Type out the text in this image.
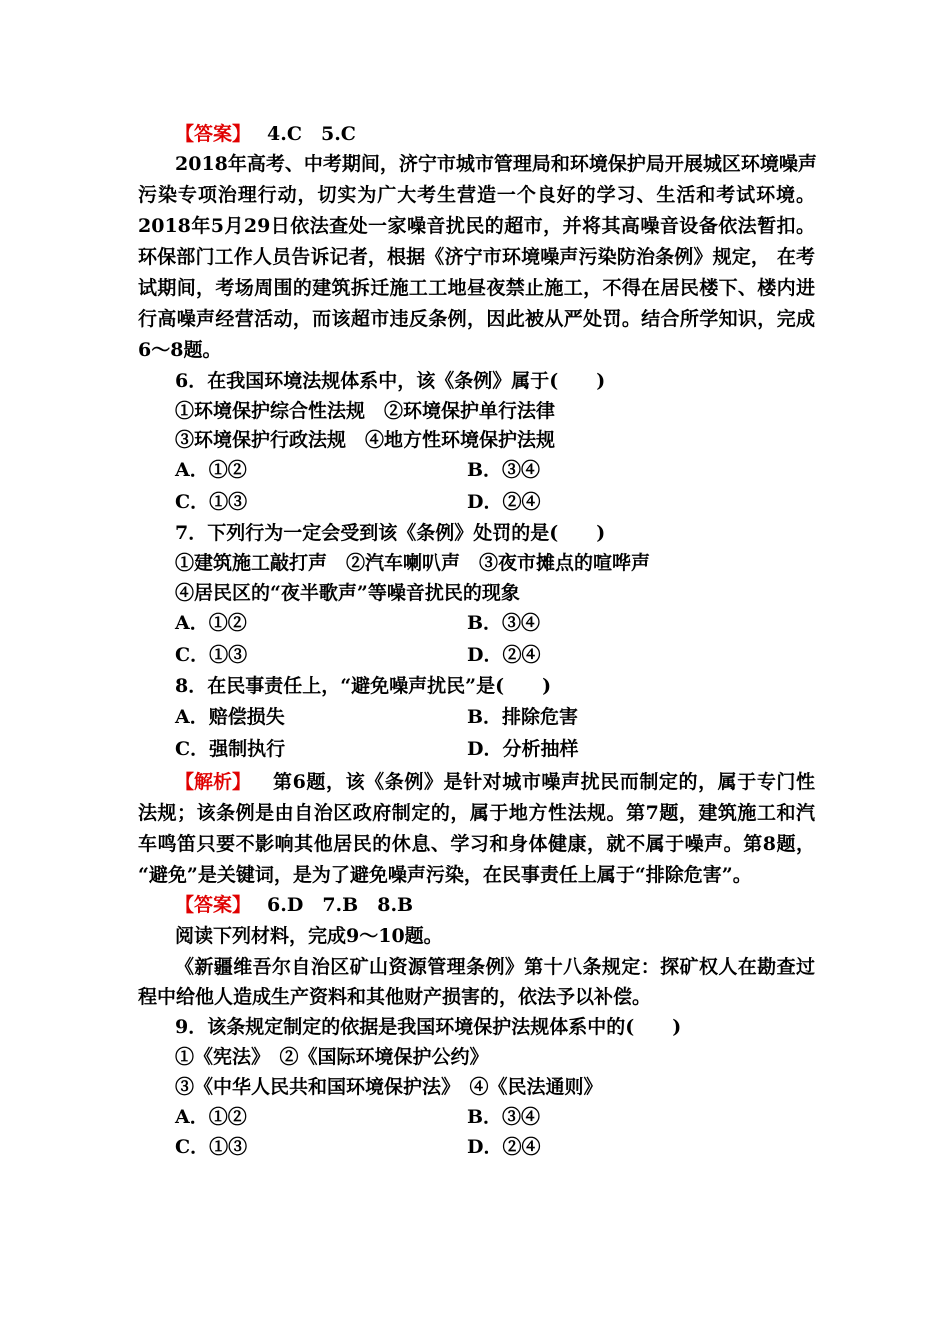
【答案】 4.C　5.C
2018年高考、中考期间，济宁市城市管理局和环境保护局开展城区环境噪声
污染专项治理行动，切实为广大考生营造一个良好的学习、生活和考试环境。
2018年5月29日依法查处一家噪音扰民的超市，并将其高噪音设备依法暂扣。
环保部门工作人员告诉记者，根据《济宁市环境噪声污染防治条例》规定， 在考
试期间，考场周围的建筑拆迁施工工地昼夜禁止施工，不得在居民楼下、楼内进
行高噪声经营活动，而该超市违反条例，因此被从严处罚。结合所学知识，完成
6～8题。
6．在我国环境法规体系中，该《条例》属于(　　)
①环境保护综合性法规　②环境保护单行法律
③环境保护行政法规　④地方性环境保护法规
A．①②	B．③④
C．①③	D．②④
7．下列行为一定会受到该《条例》处罚的是(　　)
①建筑施工敲打声　②汽车喇叭声　③夜市摊点的喧哗声
④居民区的“夜半歌声”等噪音扰民的现象
A．①②	B．③④
C．①③	D．②④
8．在民事责任上，“避免噪声扰民”是(　　)
A．赔偿损失	B．排除危害
C．强制执行	D．分析抽样
【解析】 第6题，该《条例》是针对城市噪声扰民而制定的，属于专门性
法规；该条例是由自治区政府制定的，属于地方性法规。第7题，建筑施工和汽
车鸣笛只要不影响其他居民的休息、学习和身体健康，就不属于噪声。第8题，
“避免”是关键词，是为了避免噪声污染，在民事责任上属于“排除危害”。
【答案】 6.D　7.B　8.B
阅读下列材料，完成9～10题。
《新疆维吾尔自治区矿山资源管理条例》第十八条规定：探矿权人在勘查过
程中给他人造成生产资料和其他财产损害的，依法予以补偿。
9．该条规定制定的依据是我国环境保护法规体系中的(　　)
①《宪法》　②《国际环境保护公约》
③《中华人民共和国环境保护法》　④《民法通则》
A．①②	B．③④
C．①③	D．②④
